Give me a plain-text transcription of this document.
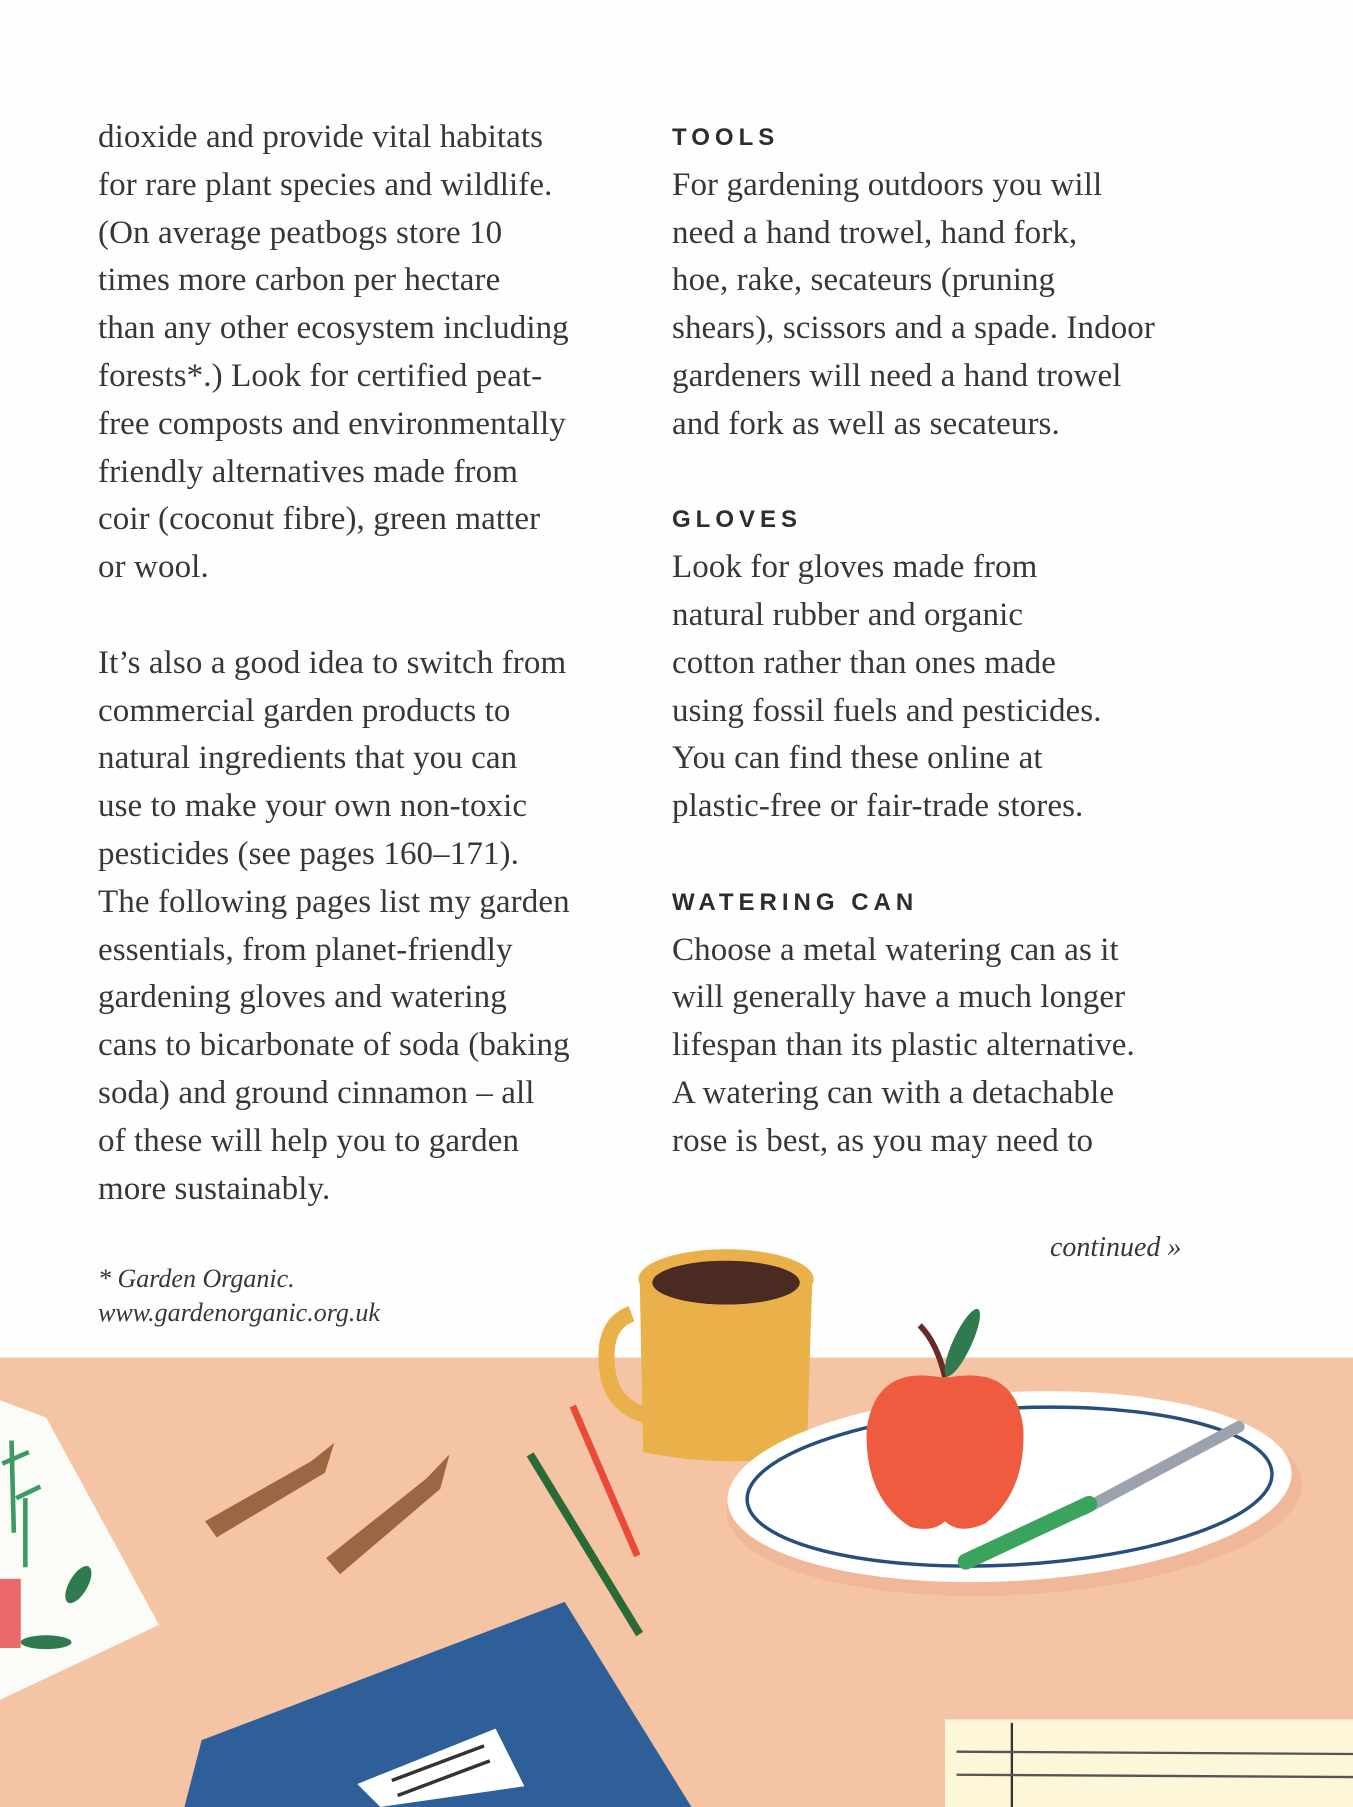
dioxide and provide vital habitats
for rare plant species and wildlife.
(On average peatbogs store 10
times more carbon per hectare
than any other ecosystem including
forests*.) Look for certified peat-
free composts and environmentally
friendly alternatives made from
coir (coconut fibre), green matter
or wool.
It’s also a good idea to switch from
commercial garden products to
natural ingredients that you can
use to make your own non-toxic
pesticides (see pages 160–171).
The following pages list my garden
essentials, from planet-friendly
gardening gloves and watering
cans to bicarbonate of soda (baking
soda) and ground cinnamon – all
of these will help you to garden
more sustainably.
TOOLS
For gardening outdoors you will
need a hand trowel, hand fork,
hoe, rake, secateurs (pruning
shears), scissors and a spade. Indoor
gardeners will need a hand trowel
and fork as well as secateurs.
GLOVES
Look for gloves made from
natural rubber and organic
cotton rather than ones made
using fossil fuels and pesticides.
You can find these online at
plastic-free or fair-trade stores.
WATERING CAN
Choose a metal watering can as it
will generally have a much longer
lifespan than its plastic alternative.
A watering can with a detachable
rose is best, as you may need to
* Garden Organic.
www.gardenorganic.org.uk
continued »
